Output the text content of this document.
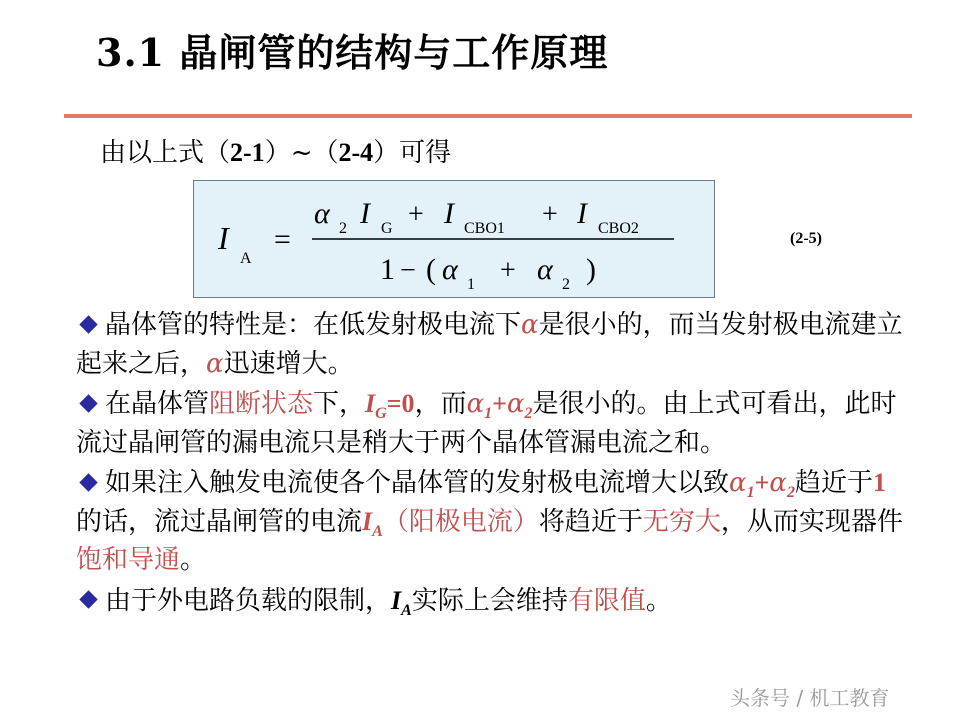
3.1 晶闸管的结构与工作原理
由以上式（2-1）~（2-4）可得
I
A
=
α 2 I G + I CBO1 + I CBO2
1 − ( α 1 + α 2 )
(2-5)
晶体管的特性是：在低发射极电流下α是很小的，而当发射极电流建立起来之后，α迅速增大。
在晶体管阻断状态下，$I_G=0$，而$\alpha_1+\alpha_2$是很小的。由上式可看出，此时流过晶闸管的漏电流只是稍大于两个晶体管漏电流之和。
如果注入触发电流使各个晶体管的发射极电流增大以致$\alpha_1+\alpha_2$趋近于1的话，流过晶闸管的电流$I_A$（阳极电流）将趋近于无穷大，从而实现器件饱和导通。
由于外电路负载的限制，$I_A$实际上会维持有限值。
头条号 / 机工教育
